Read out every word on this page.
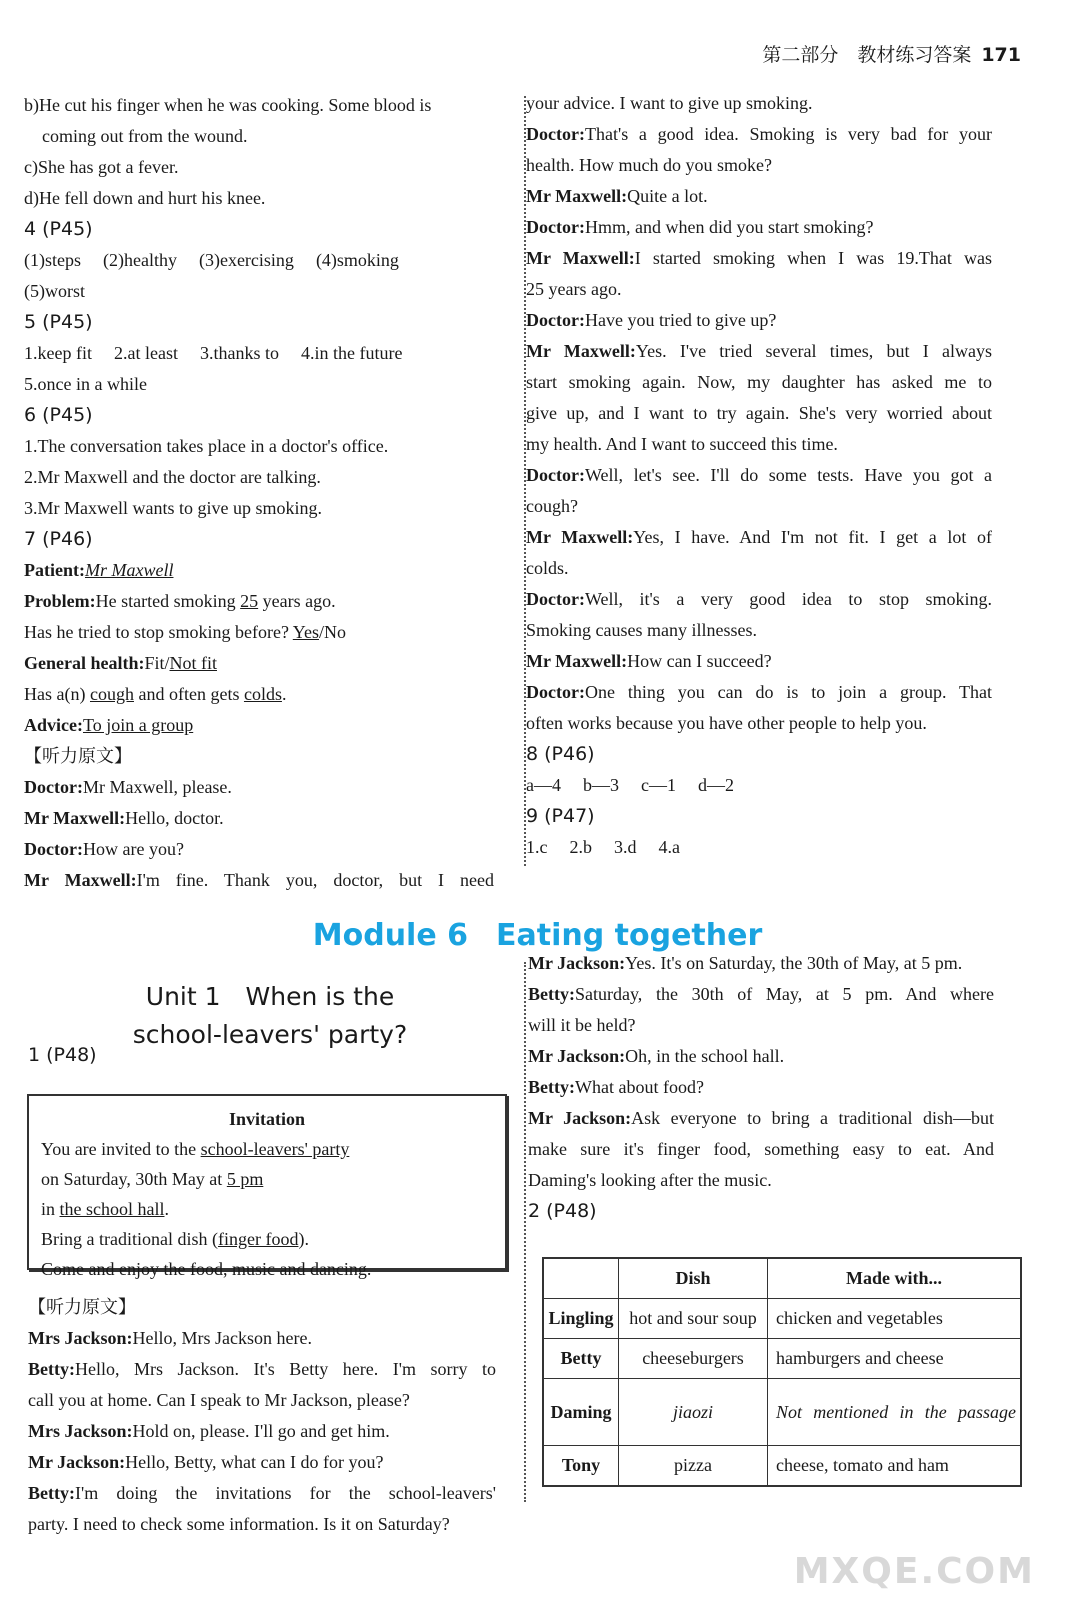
第二部分　教材练习答案 171
b)He cut his finger when he was cooking. Some blood is
coming out from the wound.
c)She has got a fever.
d)He fell down and hurt his knee.
4 (P45)
(1)steps (2)healthy (3)exercising (4)smoking
(5)worst
5 (P45)
1.keep fit 2.at least 3.thanks to 4.in the future
5.once in a while
6 (P45)
1.The conversation takes place in a doctor's office.
2.Mr Maxwell and the doctor are talking.
3.Mr Maxwell wants to give up smoking.
7 (P46)
Patient:Mr Maxwell
Problem:He started smoking 25 years ago.
Has he tried to stop smoking before? Yes/No
General health:Fit/Not fit
Has a(n) cough and often gets colds.
Advice:To join a group
【听力原文】
Doctor:Mr Maxwell, please.
Mr Maxwell:Hello, doctor.
Doctor:How are you?
Mr Maxwell:I'm fine. Thank you, doctor, but I need
your advice. I want to give up smoking.
Doctor:That's a good idea. Smoking is very bad for your
health. How much do you smoke?
Mr Maxwell:Quite a lot.
Doctor:Hmm, and when did you start smoking?
Mr Maxwell:I started smoking when I was 19.That was
25 years ago.
Doctor:Have you tried to give up?
Mr Maxwell:Yes. I've tried several times, but I always
start smoking again. Now, my daughter has asked me to
give up, and I want to try again. She's very worried about
my health. And I want to succeed this time.
Doctor:Well, let's see. I'll do some tests. Have you got a
cough?
Mr Maxwell:Yes, I have. And I'm not fit. I get a lot of
colds.
Doctor:Well, it's a very good idea to stop smoking.
Smoking causes many illnesses.
Mr Maxwell:How can I succeed?
Doctor:One thing you can do is to join a group. That
often works because you have other people to help you.
8 (P46)
a—4 b—3 c—1 d—2
9 (P47)
1.c 2.b 3.d 4.a
Module 6 Eating together
Unit 1　When is the
school-leavers' party?
1 (P48)
Invitation
You are invited to the school-leavers' party
on Saturday, 30th May at 5 pm
in the school hall.
Bring a traditional dish (finger food).
Come and enjoy the food, music and dancing.
【听力原文】
Mrs Jackson:Hello, Mrs Jackson here.
Betty:Hello, Mrs Jackson. It's Betty here. I'm sorry to
call you at home. Can I speak to Mr Jackson, please?
Mrs Jackson:Hold on, please. I'll go and get him.
Mr Jackson:Hello, Betty, what can I do for you?
Betty:I'm doing the invitations for the school-leavers'
party. I need to check some information. Is it on Saturday?
Mr Jackson:Yes. It's on Saturday, the 30th of May, at 5 pm.
Betty:Saturday, the 30th of May, at 5 pm. And where
will it be held?
Mr Jackson:Oh, in the school hall.
Betty:What about food?
Mr Jackson:Ask everyone to bring a traditional dish—but
make sure it's finger food, something easy to eat. And
Daming's looking after the music.
2 (P48)
	Dish	Made with...
Lingling	hot and sour soup	chicken and vegetables
Betty	cheeseburgers	hamburgers and cheese
Daming	jiaozi	Not mentioned in the passage
Tony	pizza	cheese, tomato and ham
MXQE.COM
